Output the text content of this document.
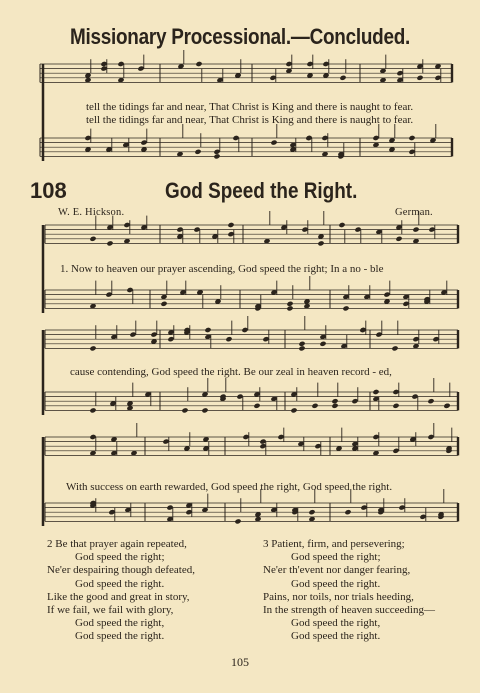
Missionary Processional.—Concluded.
tell the tidings far and near, That Christ is King and there is naught to fear.
tell the tidings far and near, That Christ is King and there is naught to fear.
108	God Speed the Right.
W. E. Hickson.	German.
1. Now to heaven our prayer ascending, God speed the right; In a no - ble
cause contending, God speed the right. Be our zeal in heaven record - ed,
With success on earth rewarded, God speed the right, God speed the right.
2 Be that prayer again repeated,
God speed the right;
Ne'er despairing though defeated,
God speed the right.
Like the good and great in story,
If we fail, we fail with glory,
God speed the right,
God speed the right.
3 Patient, firm, and persevering;
God speed the right;
Ne'er th'event nor danger fearing,
God speed the right.
Pains, nor toils, nor trials heeding,
In the strength of heaven succeeding—
God speed the right,
God speed the right.
105
